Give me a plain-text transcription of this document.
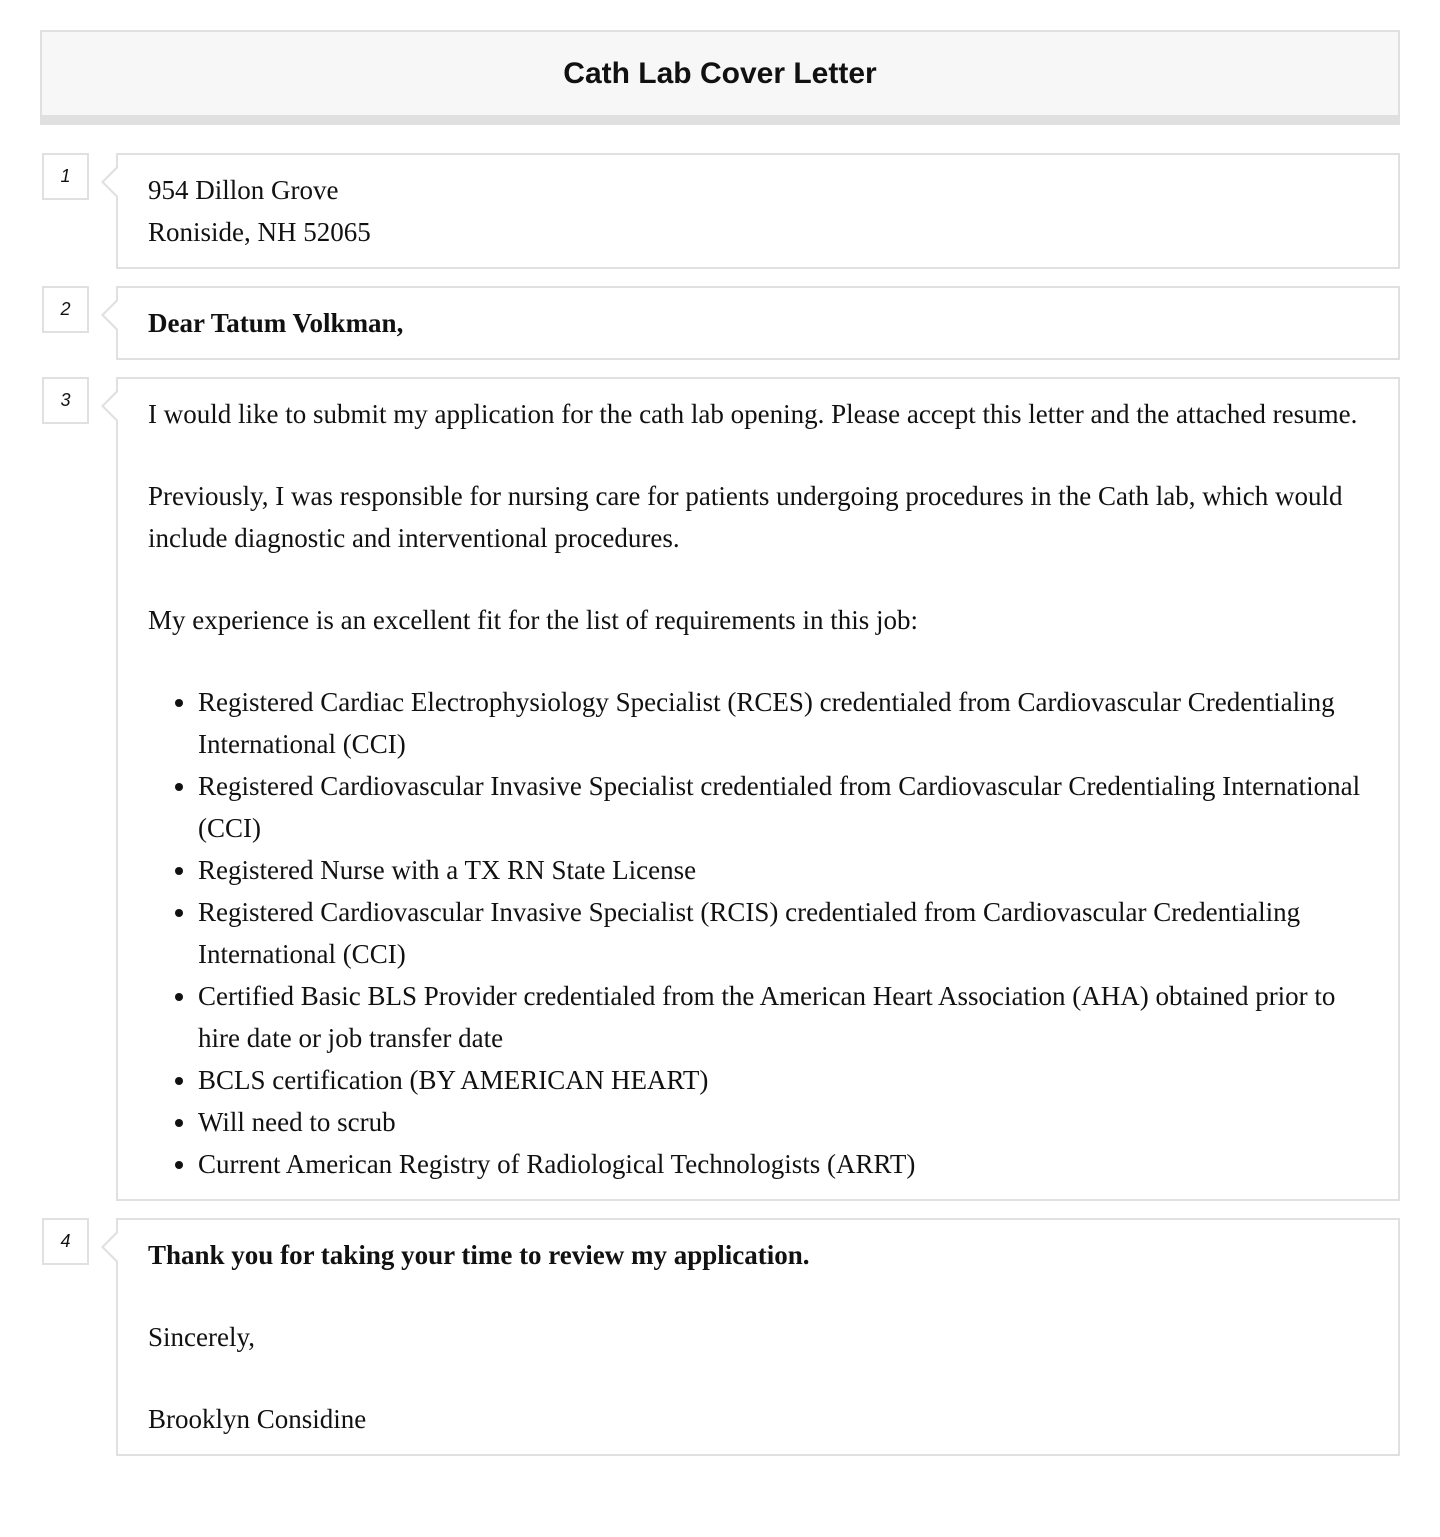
Cath Lab Cover Letter
1	954 Dillon Grove
Roniside, NH 52065
2	Dear Tatum Volkman,

3	I would like to submit my application for the cath lab opening. Please accept this letter and the attached resume.

Previously, I was responsible for nursing care for patients undergoing procedures in the Cath lab, which would include diagnostic and interventional procedures.

My experience is an excellent fit for the list of requirements in this job:

• Registered Cardiac Electrophysiology Specialist (RCES) credentialed from Cardiovascular Credentialing International (CCI)
• Registered Cardiovascular Invasive Specialist credentialed from Cardiovascular Credentialing International (CCI)
• Registered Nurse with a TX RN State License
• Registered Cardiovascular Invasive Specialist (RCIS) credentialed from Cardiovascular Credentialing International (CCI)
• Certified Basic BLS Provider credentialed from the American Heart Association (AHA) obtained prior to hire date or job transfer date
• BCLS certification (BY AMERICAN HEART)
• Will need to scrub
• Current American Registry of Radiological Technologists (ARRT)
4	Thank you for taking your time to review my application.

Sincerely,

Brooklyn Considine
